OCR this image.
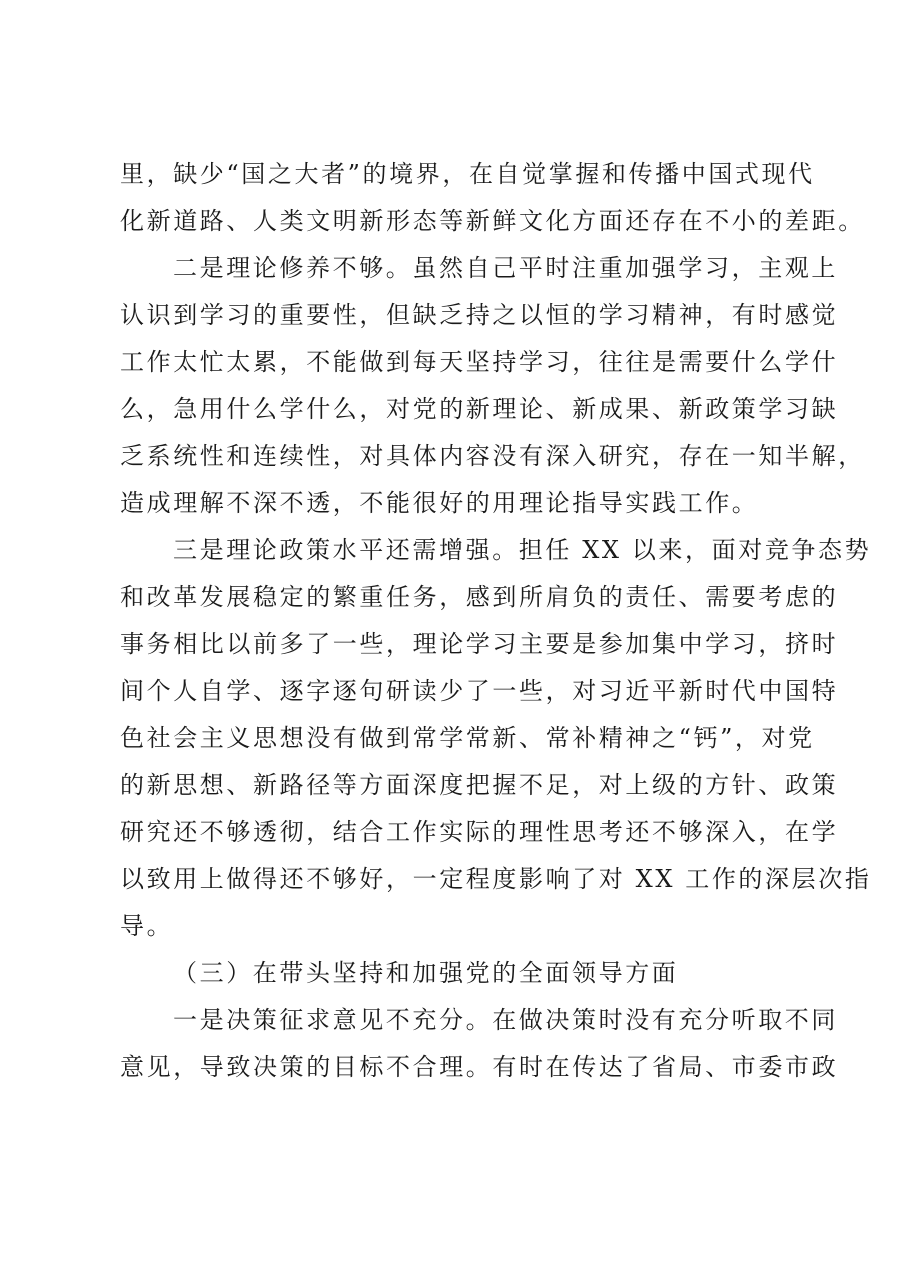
里，缺少“国之大者”的境界，在自觉掌握和传播中国式现代
化新道路、人类文明新形态等新鲜文化方面还存在不小的差距。
二是理论修养不够。虽然自己平时注重加强学习，主观上
认识到学习的重要性，但缺乏持之以恒的学习精神，有时感觉
工作太忙太累，不能做到每天坚持学习，往往是需要什么学什
么，急用什么学什么，对党的新理论、新成果、新政策学习缺
乏系统性和连续性，对具体内容没有深入研究，存在一知半解，
造成理解不深不透，不能很好的用理论指导实践工作。
三是理论政策水平还需增强。担任 XX 以来，面对竞争态势
和改革发展稳定的繁重任务，感到所肩负的责任、需要考虑的
事务相比以前多了一些，理论学习主要是参加集中学习，挤时
间个人自学、逐字逐句研读少了一些，对习近平新时代中国特
色社会主义思想没有做到常学常新、常补精神之“钙”，对党
的新思想、新路径等方面深度把握不足，对上级的方针、政策
研究还不够透彻，结合工作实际的理性思考还不够深入，在学
以致用上做得还不够好，一定程度影响了对 XX 工作的深层次指
导。
（三）在带头坚持和加强党的全面领导方面
一是决策征求意见不充分。在做决策时没有充分听取不同
意见，导致决策的目标不合理。有时在传达了省局、市委市政
